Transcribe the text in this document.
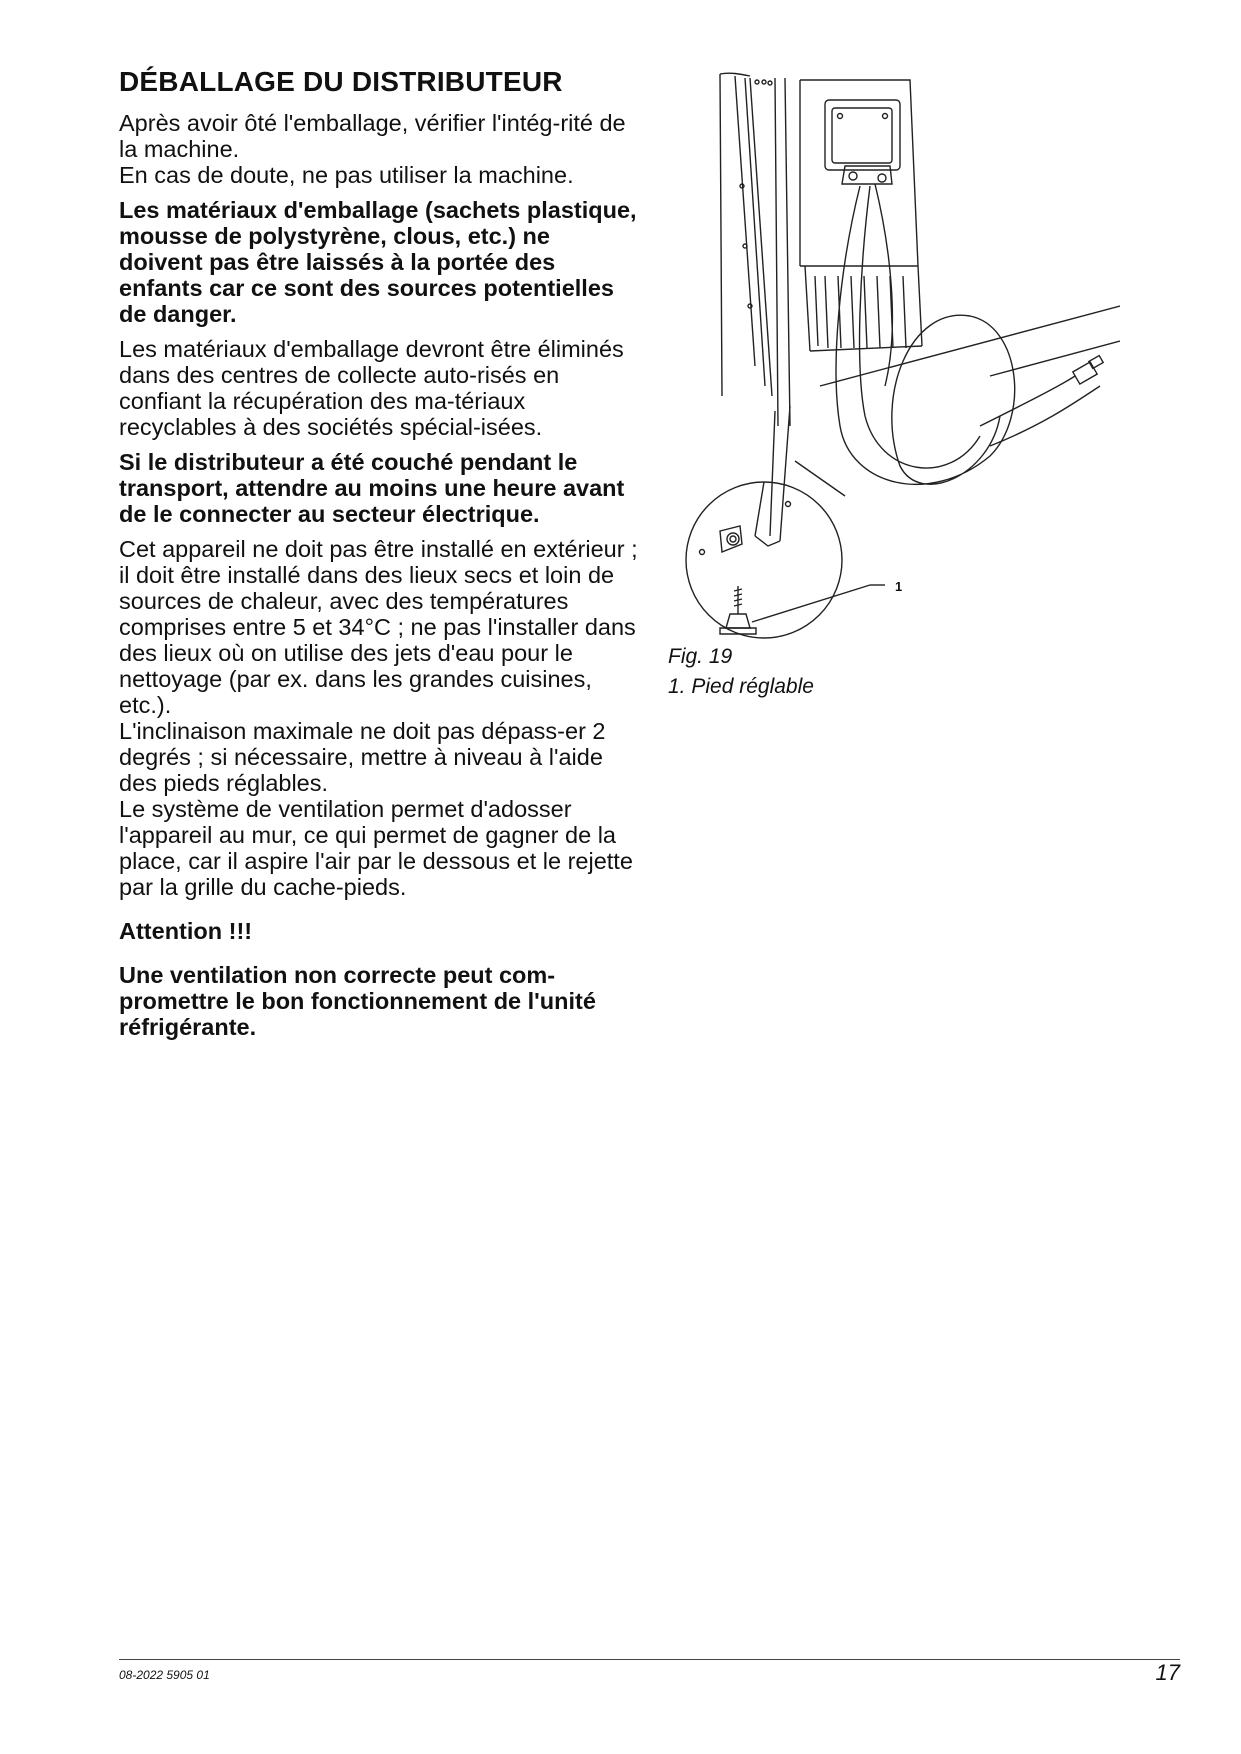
DÉBALLAGE DU DISTRIBUTEUR

Après avoir ôté l'emballage, vérifier l'intég-rité de la machine.

En cas de doute, ne pas utiliser la machine.

Les matériaux d'emballage (sachets plastique, mousse de polystyrène, clous, etc.) ne doivent pas être laissés à la portée des enfants car ce sont des sources potentielles de danger.

Les matériaux d'emballage devront être éliminés dans des centres de collecte auto-risés en confiant la récupération des ma-tériaux recyclables à des sociétés spécial-isées.

Si le distributeur a été couché pendant le transport, attendre au moins une heure avant de le connecter au secteur électrique.

Cet appareil ne doit pas être installé en extérieur ; il doit être installé dans des lieux secs et loin de sources de chaleur, avec des températures comprises entre 5 et 34°C ; ne pas l'installer dans des lieux où on utilise des jets d'eau pour le nettoyage (par ex. dans les grandes cuisines, etc.).

L'inclinaison maximale ne doit pas dépass-er 2 degrés ; si nécessaire, mettre à niveau à l'aide des pieds réglables.

Le système de ventilation permet d'adosser l'appareil au mur, ce qui permet de gagner de la place, car il aspire l'air par le dessous et le rejette par la grille du cache-pieds.

Attention !!!

Une ventilation non correcte peut com-promettre le bon fonctionnement de l'unité réfrigérante.

1
Fig. 19
1. Pied réglable
08-2022 5905 01	17
